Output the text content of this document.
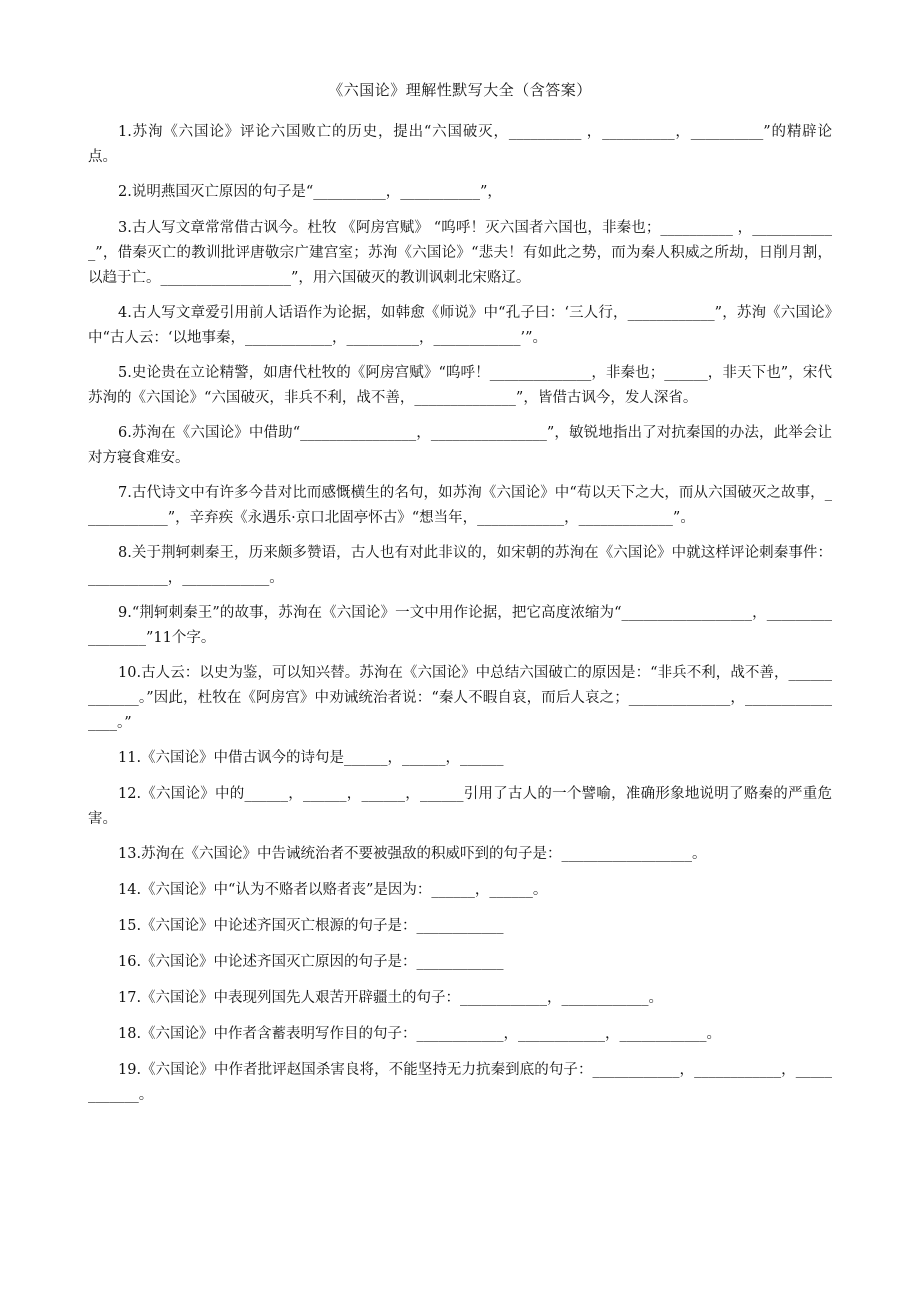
《六国论》理解性默写大全（含答案）
1.苏洵《六国论》评论六国败亡的历史，提出“六国破灭，__________ ，__________，__________”的精辟论点。
2.说明燕国灭亡原因的句子是“__________，___________”，
3.古人写文章常常借古讽今。杜牧 《阿房宫赋》 “呜呼！灭六国者六国也，非秦也；__________ ，____________”，借秦灭亡的教训批评唐敬宗广建宫室；苏洵《六国论》“悲夫！有如此之势，而为秦人积威之所劫，日削月割，以趋于亡。__________________”，用六国破灭的教训讽刺北宋赂辽。
4.古人写文章爱引用前人话语作为论据，如韩愈《师说》中“孔子曰：‘三人行，____________”，苏洵《六国论》中“古人云：‘以地事秦，____________，__________，____________’”。
5.史论贵在立论精警，如唐代杜牧的《阿房宫赋》“呜呼！______________，非秦也；______，非天下也”，宋代苏洵的《六国论》“六国破灭，非兵不利，战不善，______________”，皆借古讽今，发人深省。
6.苏洵在《六国论》中借助“________________，________________”，敏锐地指出了对抗秦国的办法，此举会让对方寝食难安。
7.古代诗文中有许多今昔对比而感慨横生的名句，如苏洵《六国论》中“苟以天下之大，而从六国破灭之故事，____________”，辛弃疾《永遇乐·京口北固亭怀古》“想当年，____________，_____________”。
8.关于荆轲刺秦王，历来颇多赞语，古人也有对此非议的，如宋朝的苏洵在《六国论》中就这样评论刺秦事件：___________，____________。
9.“荆轲刺秦王”的故事，苏洵在《六国论》一文中用作论据，把它高度浓缩为“__________________，_________________”11个字。
10.古人云：以史为鉴，可以知兴替。苏洵在《六国论》中总结六国破亡的原因是：“非兵不利，战不善，_____________。”因此，杜牧在《阿房宫》中劝诫统治者说：“秦人不暇自哀，而后人哀之；______________，________________。”
11.《六国论》中借古讽今的诗句是______，______，______
12.《六国论》中的______，______，______，______引用了古人的一个譬喻，准确形象地说明了赂秦的严重危害。
13.苏洵在《六国论》中告诫统治者不要被强敌的积威吓到的句子是：__________________。
14.《六国论》中“认为不赂者以赂者丧”是因为：______，______。
15.《六国论》中论述齐国灭亡根源的句子是：____________
16.《六国论》中论述齐国灭亡原因的句子是：____________
17.《六国论》中表现列国先人艰苦开辟疆土的句子：____________，____________。
18.《六国论》中作者含蓄表明写作目的句子：____________，____________，____________。
19.《六国论》中作者批评赵国杀害良将，不能坚持无力抗秦到底的句子：____________，____________，____________。
